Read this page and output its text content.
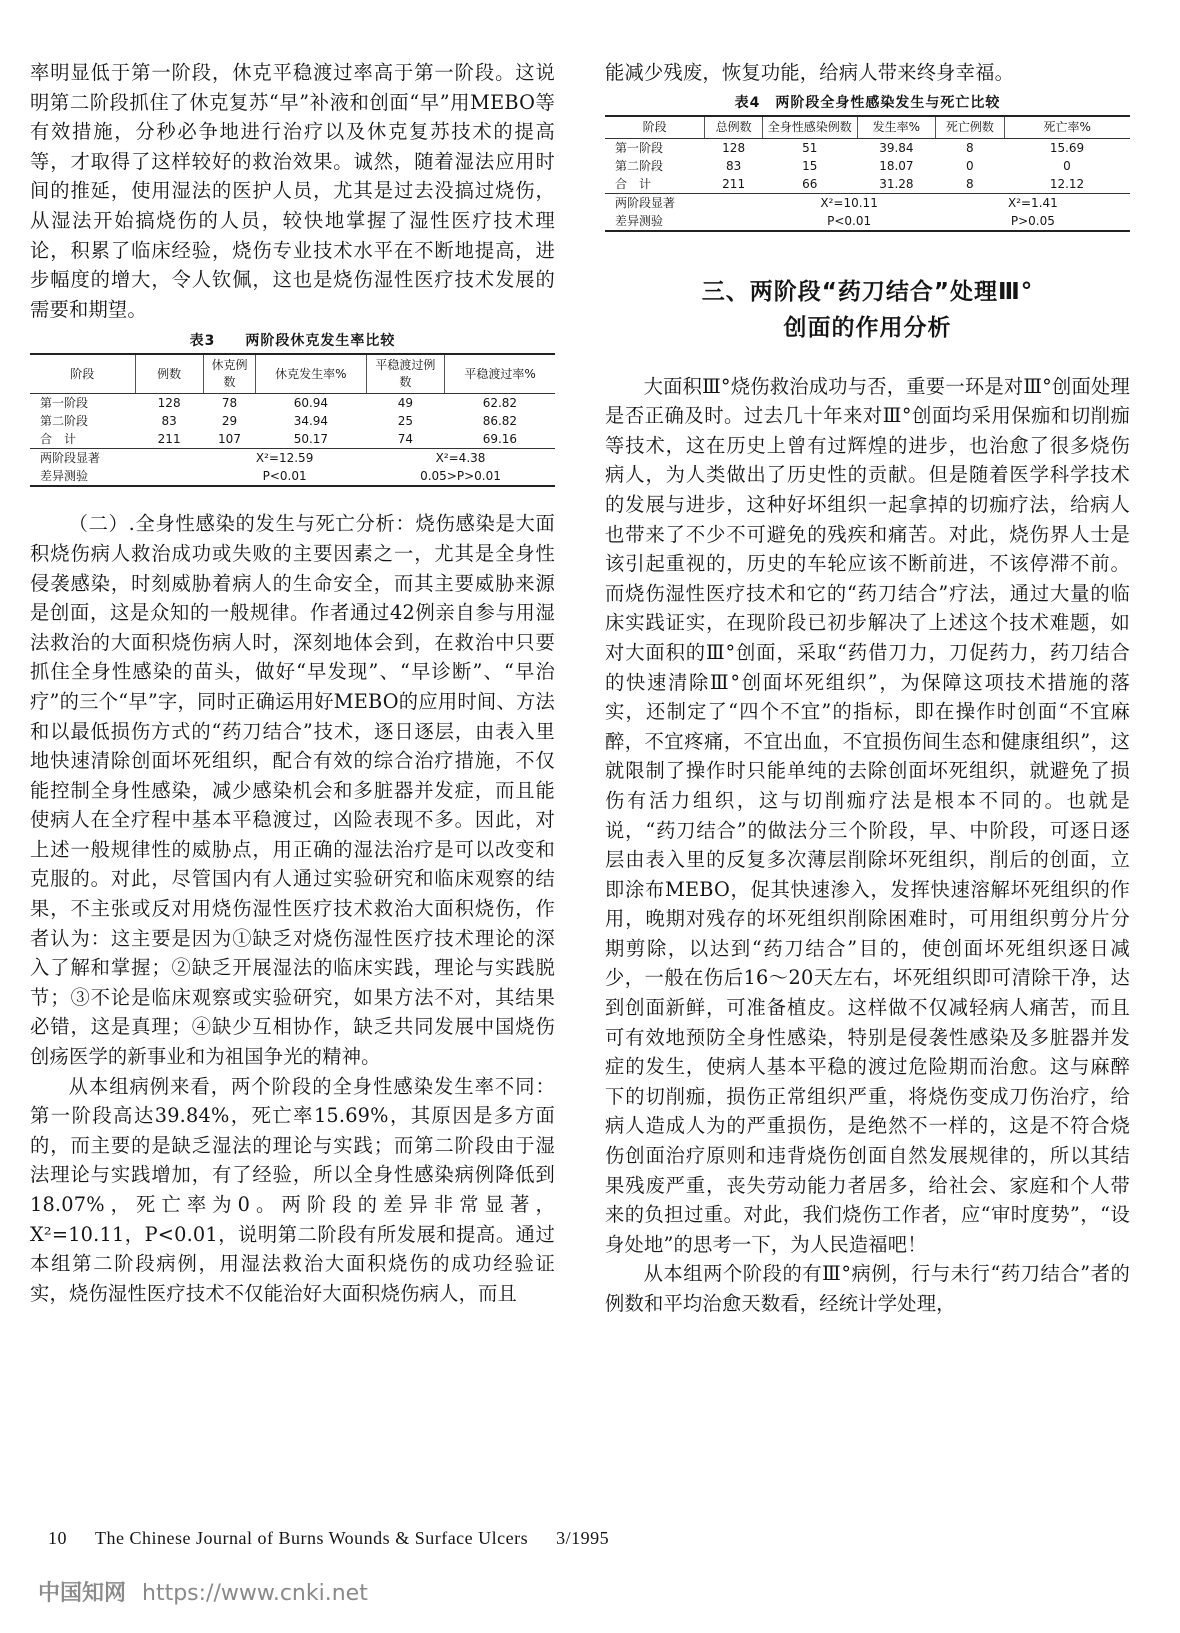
率明显低于第一阶段，休克平稳渡过率高于第一阶段。这说明第二阶段抓住了休克复苏“早”补液和创面“早”用MEBO等有效措施，分秒必争地进行治疗以及休克复苏技术的提高等，才取得了这样较好的救治效果。诚然，随着湿法应用时间的推延，使用湿法的医护人员，尤其是过去没搞过烧伤，从湿法开始搞烧伤的人员，较快地掌握了湿性医疗技术理论，积累了临床经验，烧伤专业技术水平在不断地提高，进步幅度的增大，令人钦佩，这也是烧伤湿性医疗技术发展的需要和期望。

表3　　两阶段休克发生率比较
阶段	例数	休克例数	休克发生率%	平稳渡过例　数	平稳渡过率%
第一阶段	128	78	60.94	49	62.82
第二阶段	83	29	34.94	25	86.82
合　计	211	107	50.17	74	69.16
两阶段显著		X²=12.59		X²=4.38	
差异测验		P<0.01		0.05>P>0.01	

（二）.全身性感染的发生与死亡分析：烧伤感染是大面积烧伤病人救治成功或失败的主要因素之一，尤其是全身性侵袭感染，时刻威胁着病人的生命安全，而其主要威胁来源是创面，这是众知的一般规律。作者通过42例亲自参与用湿法救治的大面积烧伤病人时，深刻地体会到，在救治中只要抓住全身性感染的苗头，做好“早发现”、“早诊断”、“早治疗”的三个“早”字，同时正确运用好MEBO的应用时间、方法和以最低损伤方式的“药刀结合”技术，逐日逐层，由表入里地快速清除创面坏死组织，配合有效的综合治疗措施，不仅能控制全身性感染，减少感染机会和多脏器并发症，而且能使病人在全疗程中基本平稳渡过，凶险表现不多。因此，对上述一般规律性的威胁点，用正确的湿法治疗是可以改变和克服的。对此，尽管国内有人通过实验研究和临床观察的结果，不主张或反对用烧伤湿性医疗技术救治大面积烧伤，作者认为：这主要是因为①缺乏对烧伤湿性医疗技术理论的深入了解和掌握；②缺乏开展湿法的临床实践，理论与实践脱节；③不论是临床观察或实验研究，如果方法不对，其结果必错，这是真理；④缺少互相协作，缺乏共同发展中国烧伤创疡医学的新事业和为祖国争光的精神。

从本组病例来看，两个阶段的全身性感染发生率不同：第一阶段高达39.84%，死亡率15.69%，其原因是多方面的，而主要的是缺乏湿法的理论与实践；而第二阶段由于湿法理论与实践增加，有了经验，所以全身性感染病例降低到18.07%，死亡率为0。两阶段的差异非常显著，X²=10.11，P<0.01，说明第二阶段有所发展和提高。通过本组第二阶段病例，用湿法救治大面积烧伤的成功经验证实，烧伤湿性医疗技术不仅能治好大面积烧伤病人，而且

能减少残废，恢复功能，给病人带来终身幸福。

表4　两阶段全身性感染发生与死亡比较
阶段	总例数	全身性感染例数	发生率%	死亡例数	死亡率%
第一阶段	128	51	39.84	8	15.69
第二阶段	83	15	18.07	0	0
合　计	211	66	31.28	8	12.12
两阶段显著		X²=10.11		X²=1.41	
差异测验		P<0.01		P>0.05	

三、两阶段“药刀结合”处理Ⅲ°

创面的作用分析

大面积Ⅲ°烧伤救治成功与否，重要一环是对Ⅲ°创面处理是否正确及时。过去几十年来对Ⅲ°创面均采用保痂和切削痂等技术，这在历史上曾有过辉煌的进步，也治愈了很多烧伤病人，为人类做出了历史性的贡献。但是随着医学科学技术的发展与进步，这种好坏组织一起拿掉的切痂疗法，给病人也带来了不少不可避免的残疾和痛苦。对此，烧伤界人士是该引起重视的，历史的车轮应该不断前进，不该停滞不前。而烧伤湿性医疗技术和它的“药刀结合”疗法，通过大量的临床实践证实，在现阶段已初步解决了上述这个技术难题，如对大面积的Ⅲ°创面，采取“药借刀力，刀促药力，药刀结合的快速清除Ⅲ°创面坏死组织”，为保障这项技术措施的落实，还制定了“四个不宜”的指标，即在操作时创面“不宜麻醉，不宜疼痛，不宜出血，不宜损伤间生态和健康组织”，这就限制了操作时只能单纯的去除创面坏死组织，就避免了损伤有活力组织，这与切削痂疗法是根本不同的。也就是说，“药刀结合”的做法分三个阶段，早、中阶段，可逐日逐层由表入里的反复多次薄层削除坏死组织，削后的创面，立即涂布MEBO，促其快速渗入，发挥快速溶解坏死组织的作用，晚期对残存的坏死组织削除困难时，可用组织剪分片分期剪除，以达到“药刀结合”目的，使创面坏死组织逐日减少，一般在伤后16～20天左右，坏死组织即可清除干净，达到创面新鲜，可准备植皮。这样做不仅减轻病人痛苦，而且可有效地预防全身性感染，特别是侵袭性感染及多脏器并发症的发生，使病人基本平稳的渡过危险期而治愈。这与麻醉下的切削痂，损伤正常组织严重，将烧伤变成刀伤治疗，给病人造成人为的严重损伤，是绝然不一样的，这是不符合烧伤创面治疗原则和违背烧伤创面自然发展规律的，所以其结果残废严重，丧失劳动能力者居多，给社会、家庭和个人带来的负担过重。对此，我们烧伤工作者，应“审时度势”，“设身处地”的思考一下，为人民造福吧！

从本组两个阶段的有Ⅲ°病例，行与未行“药刀结合”者的例数和平均治愈天数看，经统计学处理，

10 The Chinese Journal of Burns Wounds & Surface Ulcers 3/1995
中国知网 https://www.cnki.net
